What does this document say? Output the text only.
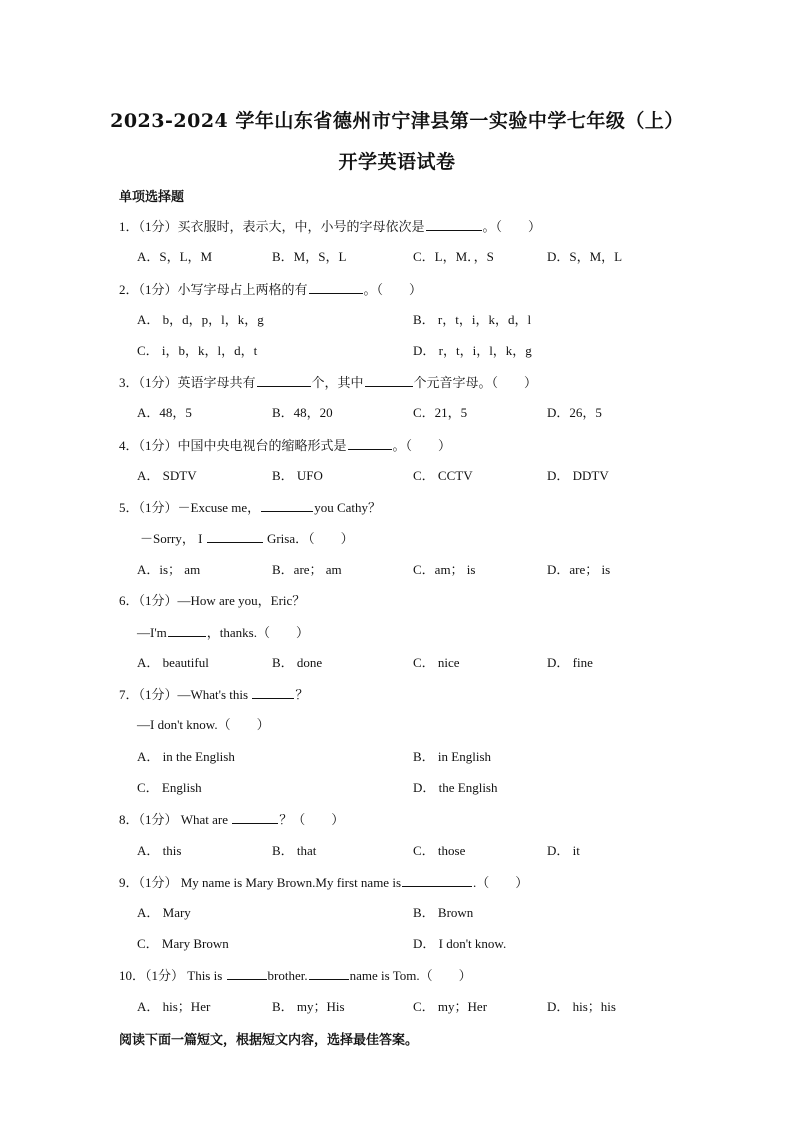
2023-2024 学年山东省德州市宁津县第一实验中学七年级（上）
开学英语试卷
单项选择题
1．（1分）买衣服时，表示大，中，小号的字母依次是	。（　　）
A．S，L，M	B．M，S，L	C．L，M．，S	D．S，M，L
2．（1分）小写字母占上两格的有	。（　　）
A． b，d，p，l，k，g	B． r，t，i，k，d，l
C． i，b，k，l，d，t	D． r，t，i，l，k，g
3．（1分）英语字母共有	个，其中	个元音字母。（　　）
A．48，5	B．48，20	C．21，5	D．26，5
4．（1分）中国中央电视台的缩略形式是	。（　　）
A． SDTV	B． UFO	C． CCTV	D． DDTV
5．（1分）－Excuse me，	you Cathy？
－Sorry， I	Grisa．（　　）
A．is； am	B．are； am	C．am； is	D．are； is
6．（1分）—How are you，Eric？
—I'm	，thanks.（　　）
A． beautiful	B． done	C． nice	D． fine
7．（1分）—What's this	？
—I don't know.（　　）
A． in the English	B． in English
C． English	D． the English
8．（1分） What are	？（　　）
A． this	B． that	C． those	D． it
9．（1分） My name is Mary Brown.My first name is	.（　　）
A． Mary	B． Brown
C． Mary Brown	D． I don't know.
10．（1分） This is	brother.	name is Tom.（　　）
A． his；Her	B． my；His	C． my；Her	D． his；his
阅读下面一篇短文，根据短文内容，选择最佳答案。
